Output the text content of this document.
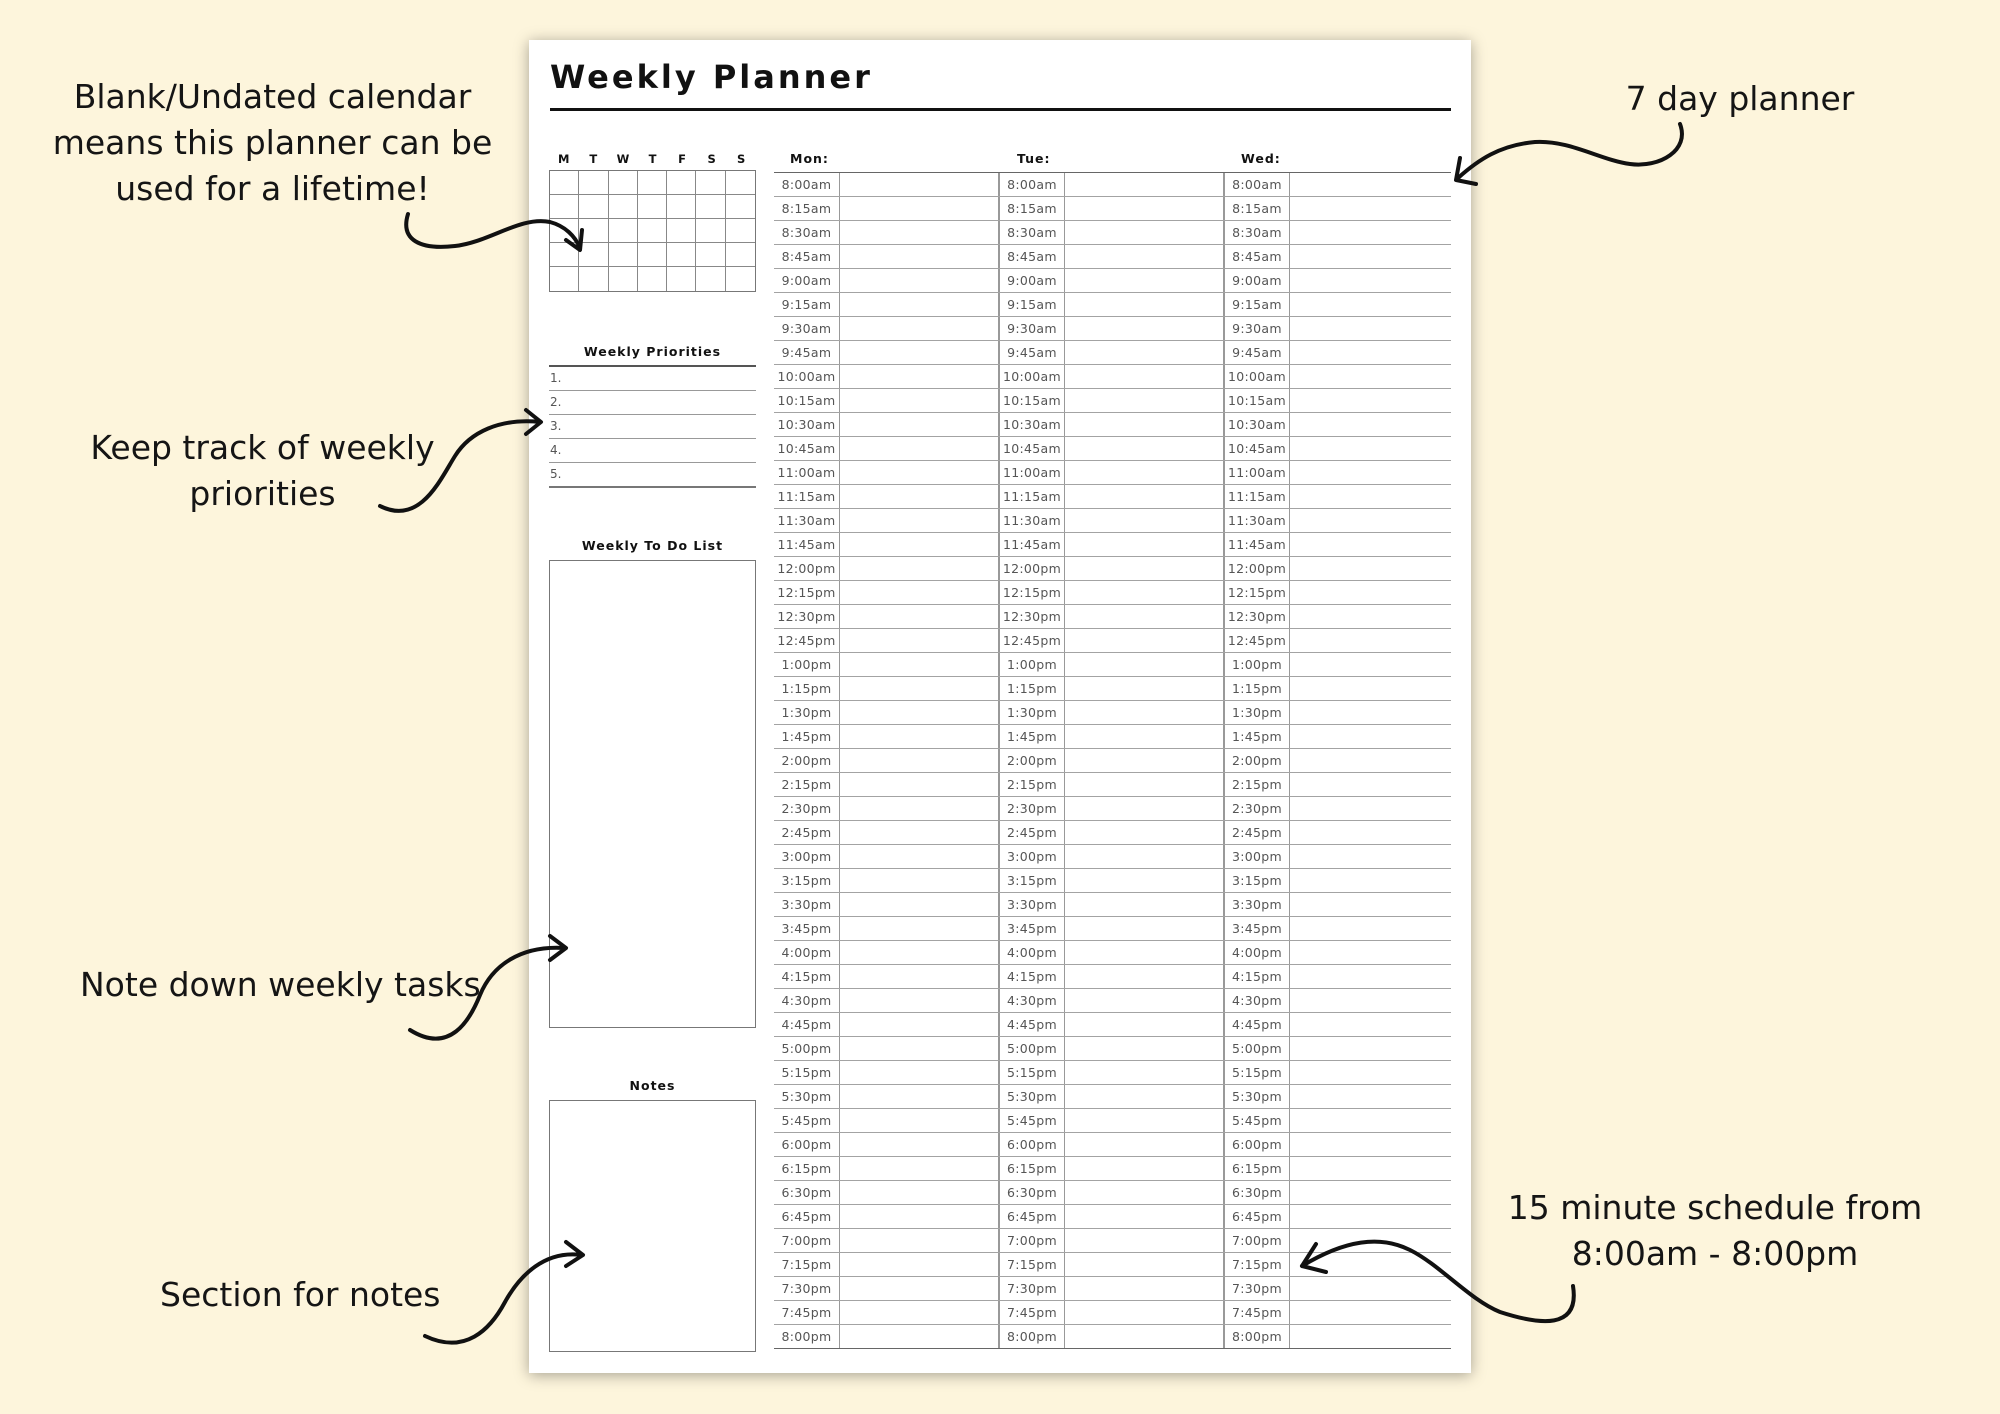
Blank/Undated calendar
means this planner can be
used for a lifetime!
Keep track of weekly
priorities
Note down weekly tasks
Section for notes
7 day planner
15 minute schedule from
8:00am - 8:00pm
Weekly Planner
M	T	W	T	F	S	S
Weekly Priorities
1.
2.
3.
4.
5.
Weekly To Do List
Notes
Mon:	Tue:	Wed:
8:00am	8:00am	8:00am
8:15am	8:15am	8:15am
8:30am	8:30am	8:30am
8:45am	8:45am	8:45am
9:00am	9:00am	9:00am
9:15am	9:15am	9:15am
9:30am	9:30am	9:30am
9:45am	9:45am	9:45am
10:00am	10:00am	10:00am
10:15am	10:15am	10:15am
10:30am	10:30am	10:30am
10:45am	10:45am	10:45am
11:00am	11:00am	11:00am
11:15am	11:15am	11:15am
11:30am	11:30am	11:30am
11:45am	11:45am	11:45am
12:00pm	12:00pm	12:00pm
12:15pm	12:15pm	12:15pm
12:30pm	12:30pm	12:30pm
12:45pm	12:45pm	12:45pm
1:00pm	1:00pm	1:00pm
1:15pm	1:15pm	1:15pm
1:30pm	1:30pm	1:30pm
1:45pm	1:45pm	1:45pm
2:00pm	2:00pm	2:00pm
2:15pm	2:15pm	2:15pm
2:30pm	2:30pm	2:30pm
2:45pm	2:45pm	2:45pm
3:00pm	3:00pm	3:00pm
3:15pm	3:15pm	3:15pm
3:30pm	3:30pm	3:30pm
3:45pm	3:45pm	3:45pm
4:00pm	4:00pm	4:00pm
4:15pm	4:15pm	4:15pm
4:30pm	4:30pm	4:30pm
4:45pm	4:45pm	4:45pm
5:00pm	5:00pm	5:00pm
5:15pm	5:15pm	5:15pm
5:30pm	5:30pm	5:30pm
5:45pm	5:45pm	5:45pm
6:00pm	6:00pm	6:00pm
6:15pm	6:15pm	6:15pm
6:30pm	6:30pm	6:30pm
6:45pm	6:45pm	6:45pm
7:00pm	7:00pm	7:00pm
7:15pm	7:15pm	7:15pm
7:30pm	7:30pm	7:30pm
7:45pm	7:45pm	7:45pm
8:00pm	8:00pm	8:00pm
